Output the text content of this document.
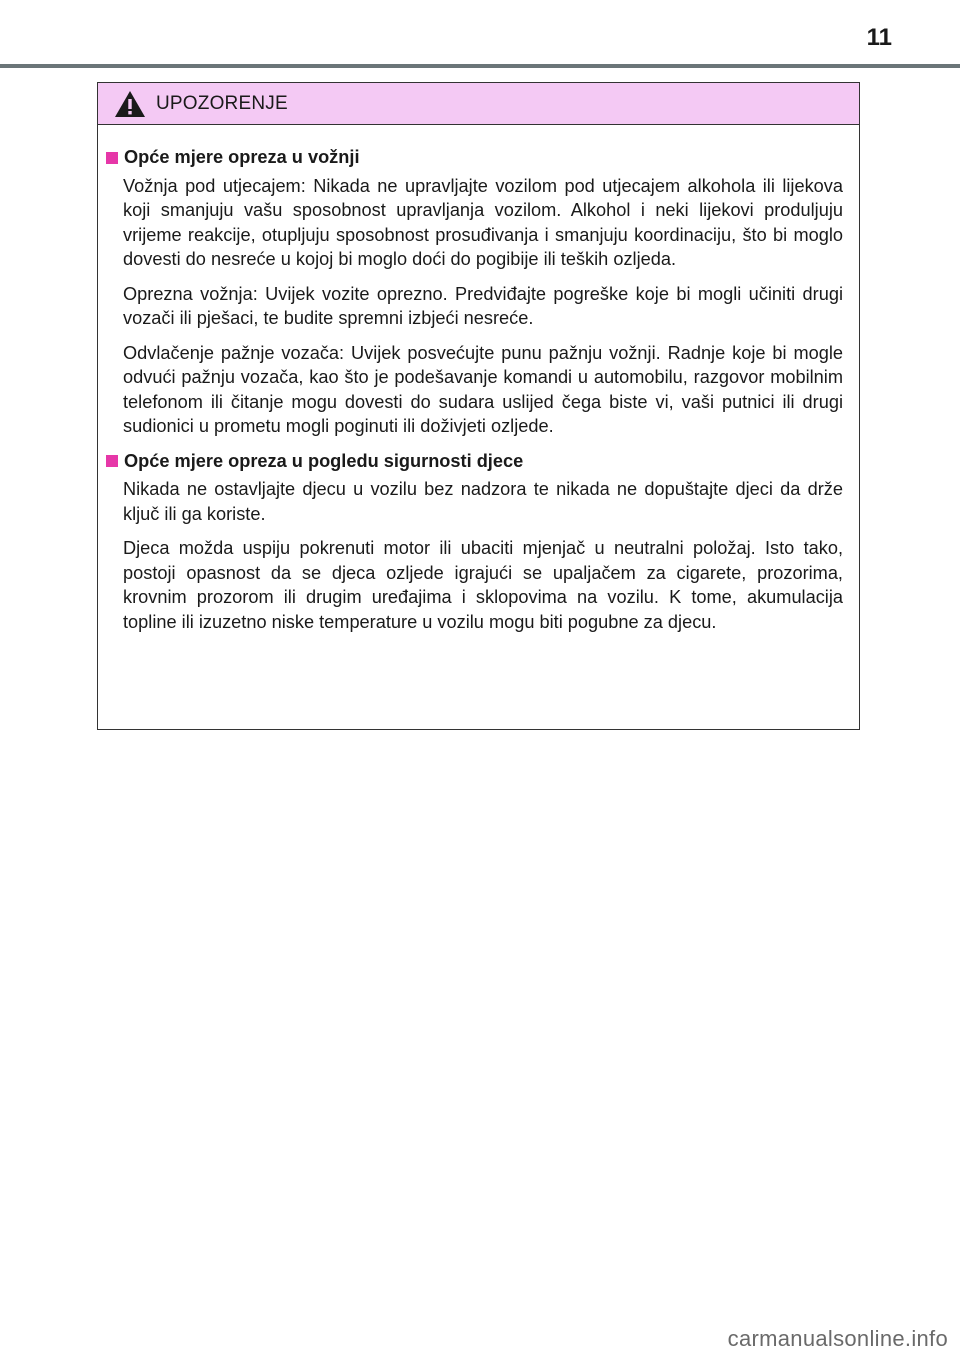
11
UPOZORENJE
Opće mjere opreza u vožnji

Vožnja pod utjecajem: Nikada ne upravljajte vozilom pod utjecajem alkohola ili lijekova koji smanjuju vašu sposobnost upravljanja vozilom. Alkohol i neki lijekovi produljuju vrijeme reakcije, otupljuju sposobnost prosuđivanja i smanjuju koordinaciju, što bi moglo dovesti do nesreće u kojoj bi moglo doći do pogibije ili teških ozljeda.

Oprezna vožnja: Uvijek vozite oprezno. Predviđajte pogreške koje bi mogli učiniti drugi vozači ili pješaci, te budite spremni izbjeći nesreće.

Odvlačenje pažnje vozača: Uvijek posvećujte punu pažnju vožnji. Radnje koje bi mogle odvući pažnju vozača, kao što je podešavanje komandi u automobilu, razgovor mobilnim telefonom ili čitanje mogu dovesti do sudara uslijed čega biste vi, vaši putnici ili drugi sudionici u prometu mogli poginuti ili doživjeti ozljede.

Opće mjere opreza u pogledu sigurnosti djece

Nikada ne ostavljajte djecu u vozilu bez nadzora te nikada ne dopuštajte djeci da drže ključ ili ga koriste.

Djeca možda uspiju pokrenuti motor ili ubaciti mjenjač u neutralni položaj. Isto tako, postoji opasnost da se djeca ozljede igrajući se upaljačem za cigarete, prozorima, krovnim prozorom ili drugim uređajima i sklopovima na vozilu. K tome, akumulacija topline ili izuzetno niske temperature u vozilu mogu biti pogubne za djecu.

carmanualsonline.info
